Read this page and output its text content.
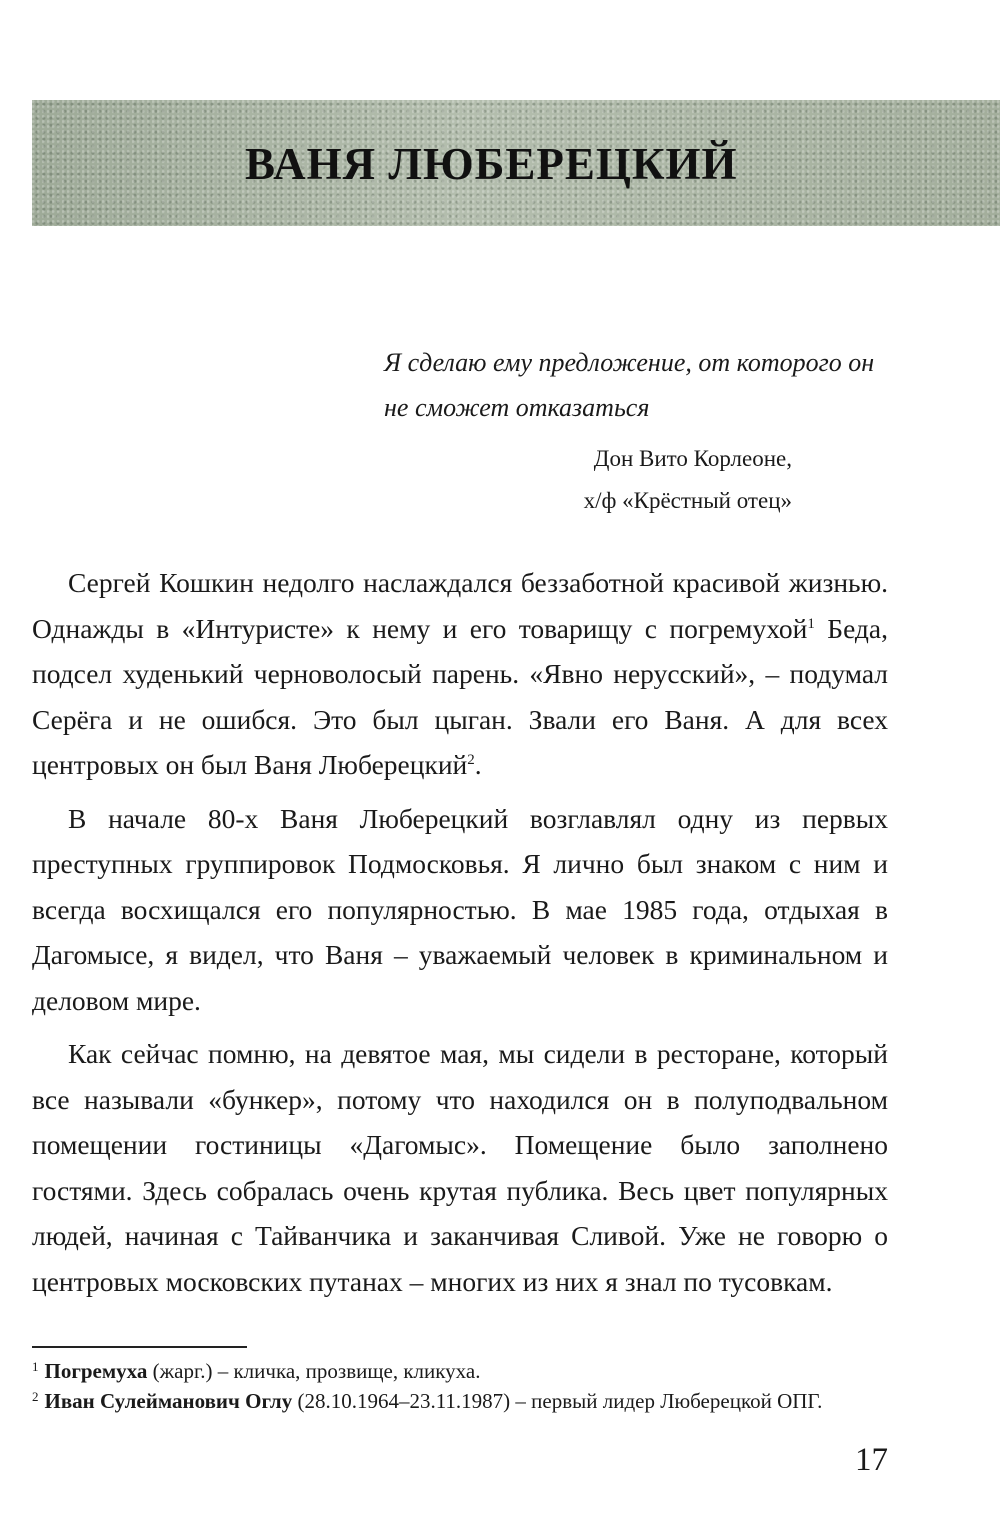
ВАНЯ ЛЮБЕРЕЦКИЙ

Я сделаю ему предложение, от которого он не сможет отказаться

Дон Вито Корлеоне,
х/ф «Крёстный отец»

Сергей Кошкин недолго наслаждался беззаботной красивой жизнью. Однажды в «Интуристе» к нему и его товарищу с погремухой$^1$ Беда, подсел худенький черноволосый парень. «Явно нерусский», – подумал Серёга и не ошибся. Это был цыган. Звали его Ваня. А для всех центровых он был Ваня Люберецкий$^2$.

В начале 80-х Ваня Люберецкий возглавлял одну из первых преступных группировок Подмосковья. Я лично был знаком с ним и всегда восхищался его популярностью. В мае 1985 года, отдыхая в Дагомысе, я видел, что Ваня – уважаемый человек в криминальном и деловом мире.

Как сейчас помню, на девятое мая, мы сидели в ресторане, который все называли «бункер», потому что находился он в полуподвальном помещении гостиницы «Дагомыс». Помещение было заполнено гостями. Здесь собралась очень крутая публика. Весь цвет популярных людей, начиная с Тайванчика и заканчивая Сливой. Уже не говорю о центровых московских путанах – многих из них я знал по тусовкам.

$^1$ Погремуха (жарг.) – кличка, прозвище, кликуха.

$^2$ Иван Сулейманович Оглу (28.10.1964–23.11.1987) – первый лидер Люберецкой ОПГ.

17
